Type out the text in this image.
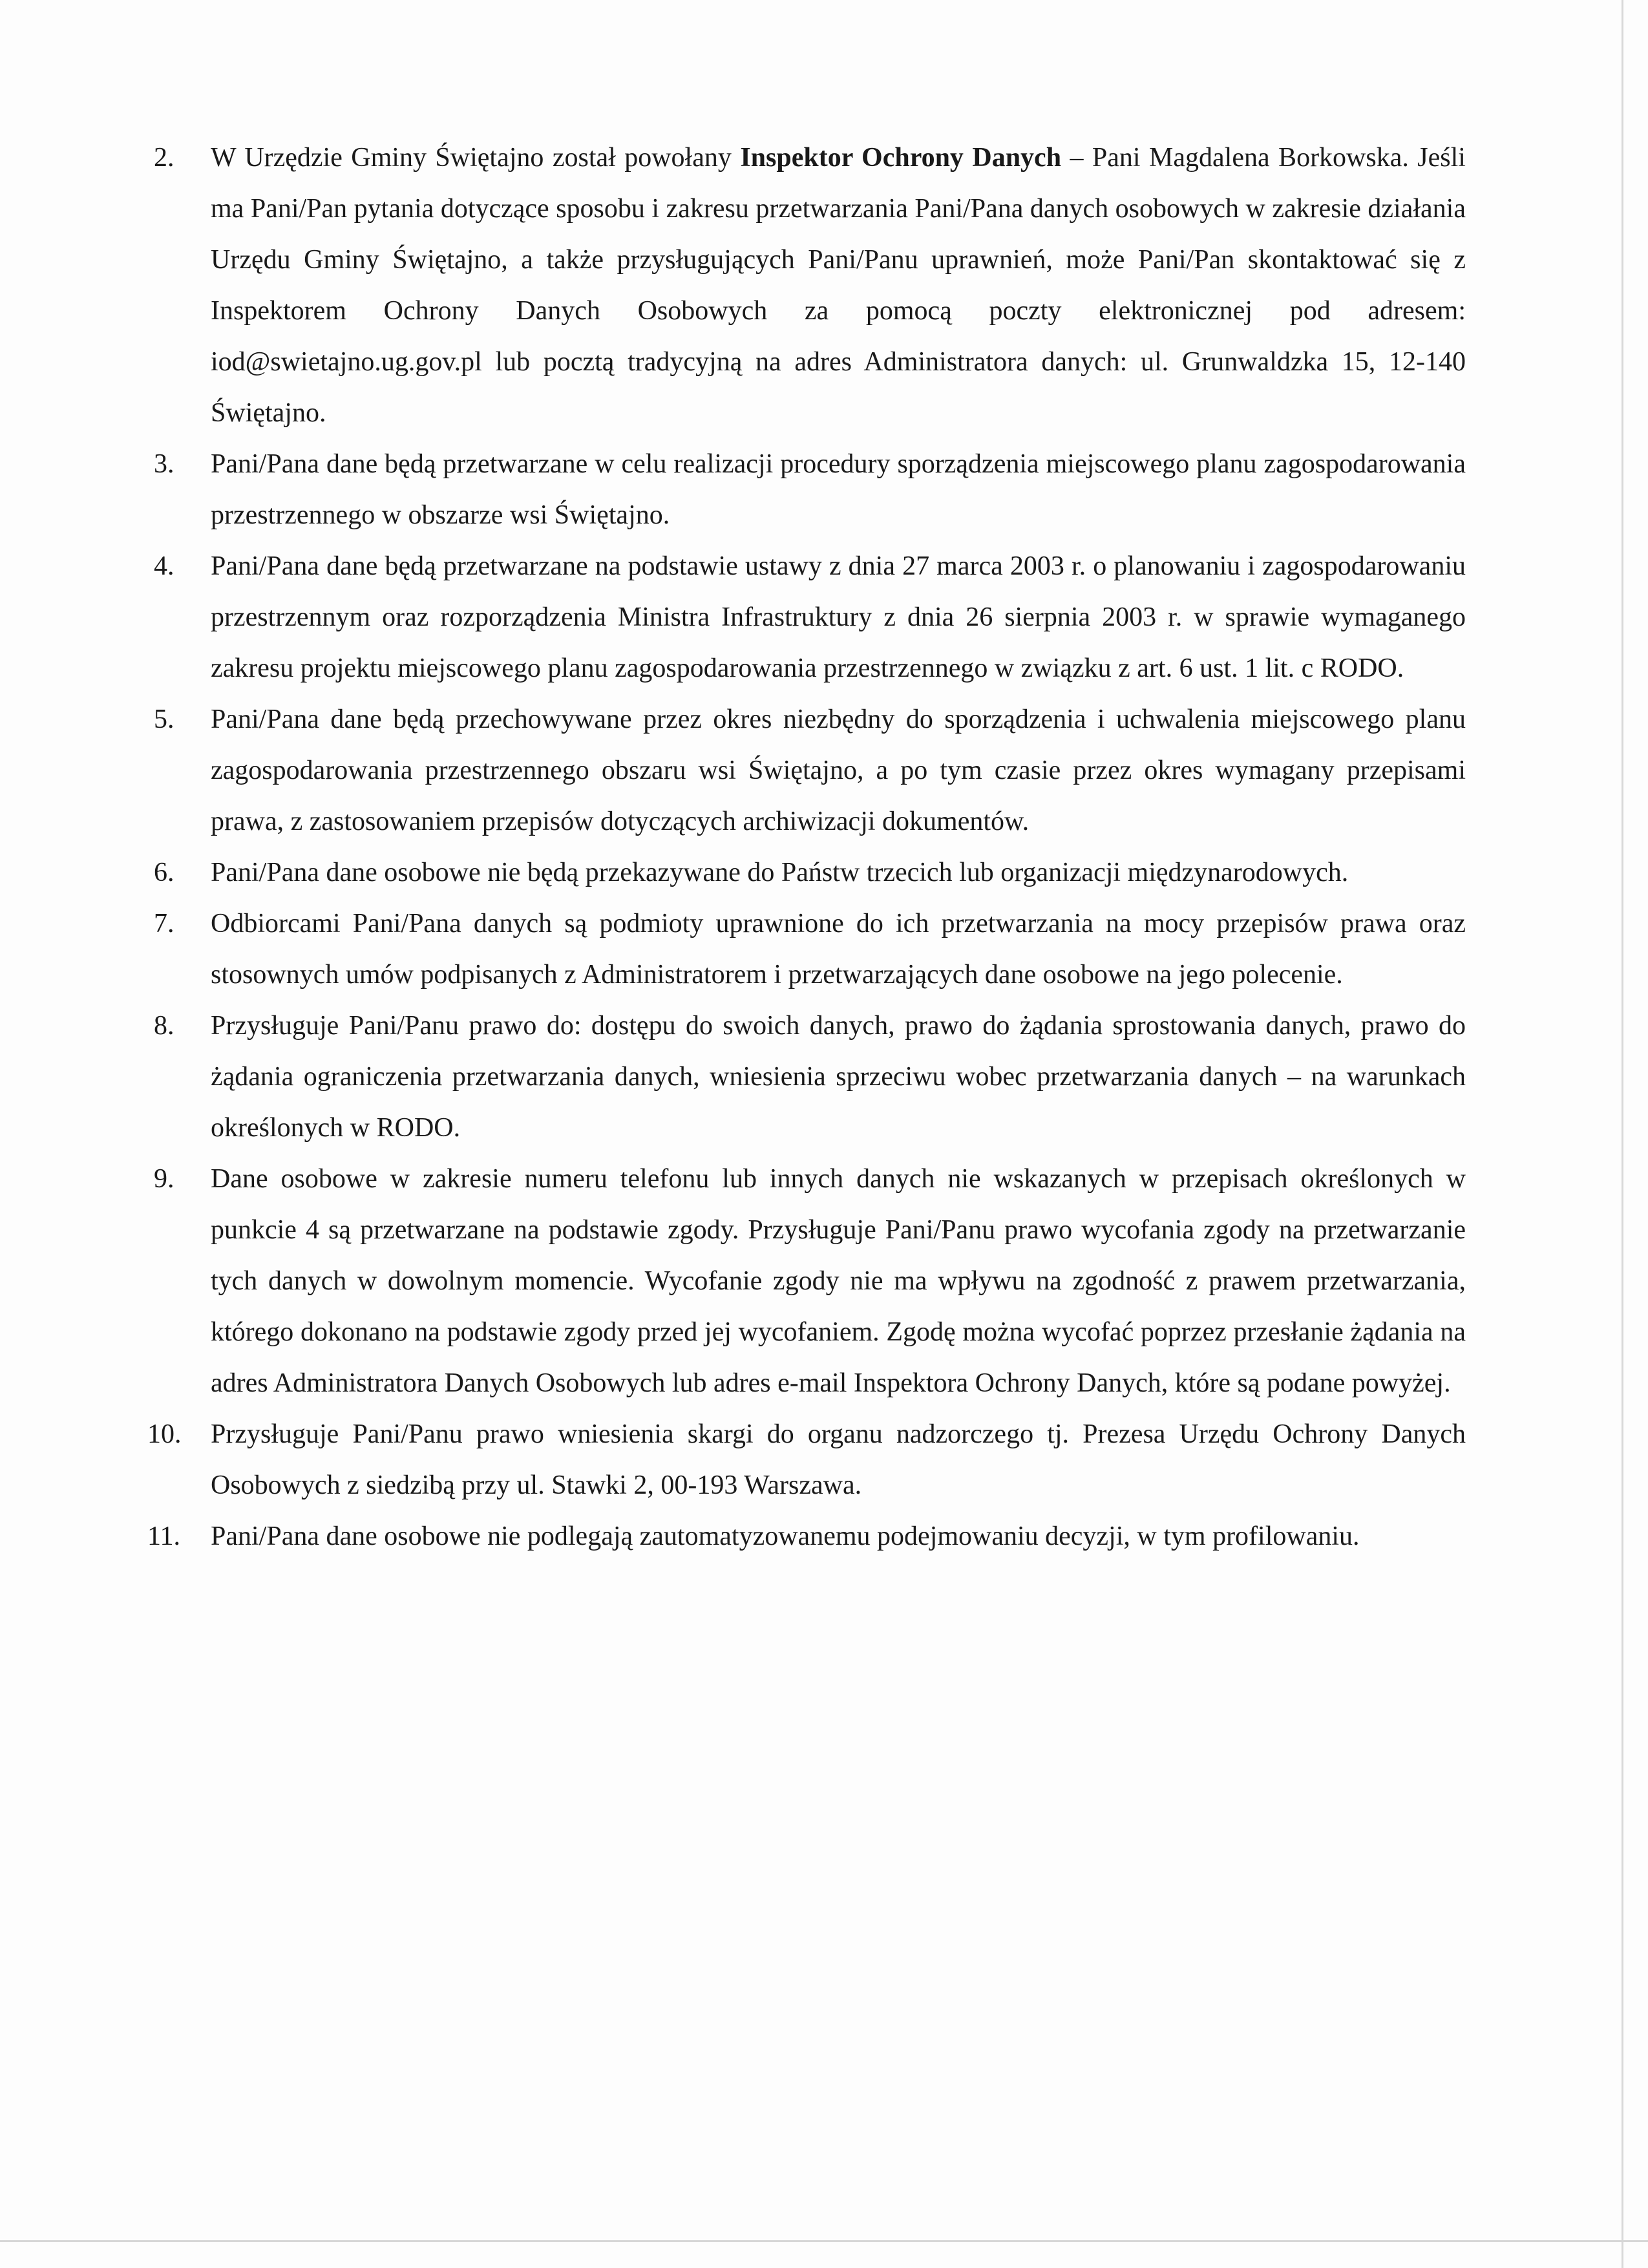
2.	W Urzędzie Gminy Świętajno został powołany Inspektor Ochrony Danych – Pani Magdalena Borkowska. Jeśli ma Pani/Pan pytania dotyczące sposobu i zakresu przetwarzania Pani/Pana danych osobowych w zakresie działania Urzędu Gminy Świętajno, a także przysługujących Pani/Panu uprawnień, może Pani/Pan skontaktować się z Inspektorem Ochrony Danych Osobowych za pomocą poczty elektronicznej pod adresem: iod@swietajno.ug.gov.pl lub pocztą tradycyjną na adres Administratora danych: ul. Grunwaldzka 15, 12-140 Świętajno.
3.	Pani/Pana dane będą przetwarzane w celu realizacji procedury sporządzenia miejscowego planu zagospodarowania przestrzennego w obszarze wsi Świętajno.
4.	Pani/Pana dane będą przetwarzane na podstawie ustawy z dnia 27 marca 2003 r. o planowaniu i zagospodarowaniu przestrzennym oraz rozporządzenia Ministra Infrastruktury z dnia 26 sierpnia 2003 r. w sprawie wymaganego zakresu projektu miejscowego planu zagospodarowania przestrzennego w związku z art. 6 ust. 1 lit. c RODO.
5.	Pani/Pana dane będą przechowywane przez okres niezbędny do sporządzenia i uchwalenia miejscowego planu zagospodarowania przestrzennego obszaru wsi Świętajno, a po tym czasie przez okres wymagany przepisami prawa, z zastosowaniem przepisów dotyczących archiwizacji dokumentów.
6.	Pani/Pana dane osobowe nie będą przekazywane do Państw trzecich lub organizacji międzynarodowych.
7.	Odbiorcami Pani/Pana danych są podmioty uprawnione do ich przetwarzania na mocy przepisów prawa oraz stosownych umów podpisanych z Administratorem i przetwarzających dane osobowe na jego polecenie.
8.	Przysługuje Pani/Panu prawo do: dostępu do swoich danych, prawo do żądania sprostowania danych, prawo do żądania ograniczenia przetwarzania danych, wniesienia sprzeciwu wobec przetwarzania danych – na warunkach określonych w RODO.
9.	Dane osobowe w zakresie numeru telefonu lub innych danych nie wskazanych w przepisach określonych w punkcie 4 są przetwarzane na podstawie zgody. Przysługuje Pani/Panu prawo wycofania zgody na przetwarzanie tych danych w dowolnym momencie. Wycofanie zgody nie ma wpływu na zgodność z prawem przetwarzania, którego dokonano na podstawie zgody przed jej wycofaniem. Zgodę można wycofać poprzez przesłanie żądania na adres Administratora Danych Osobowych lub adres e-mail Inspektora Ochrony Danych, które są podane powyżej.
10.	Przysługuje Pani/Panu prawo wniesienia skargi do organu nadzorczego tj. Prezesa Urzędu Ochrony Danych Osobowych z siedzibą przy ul. Stawki 2, 00-193 Warszawa.
11.	Pani/Pana dane osobowe nie podlegają zautomatyzowanemu podejmowaniu decyzji, w tym profilowaniu.
